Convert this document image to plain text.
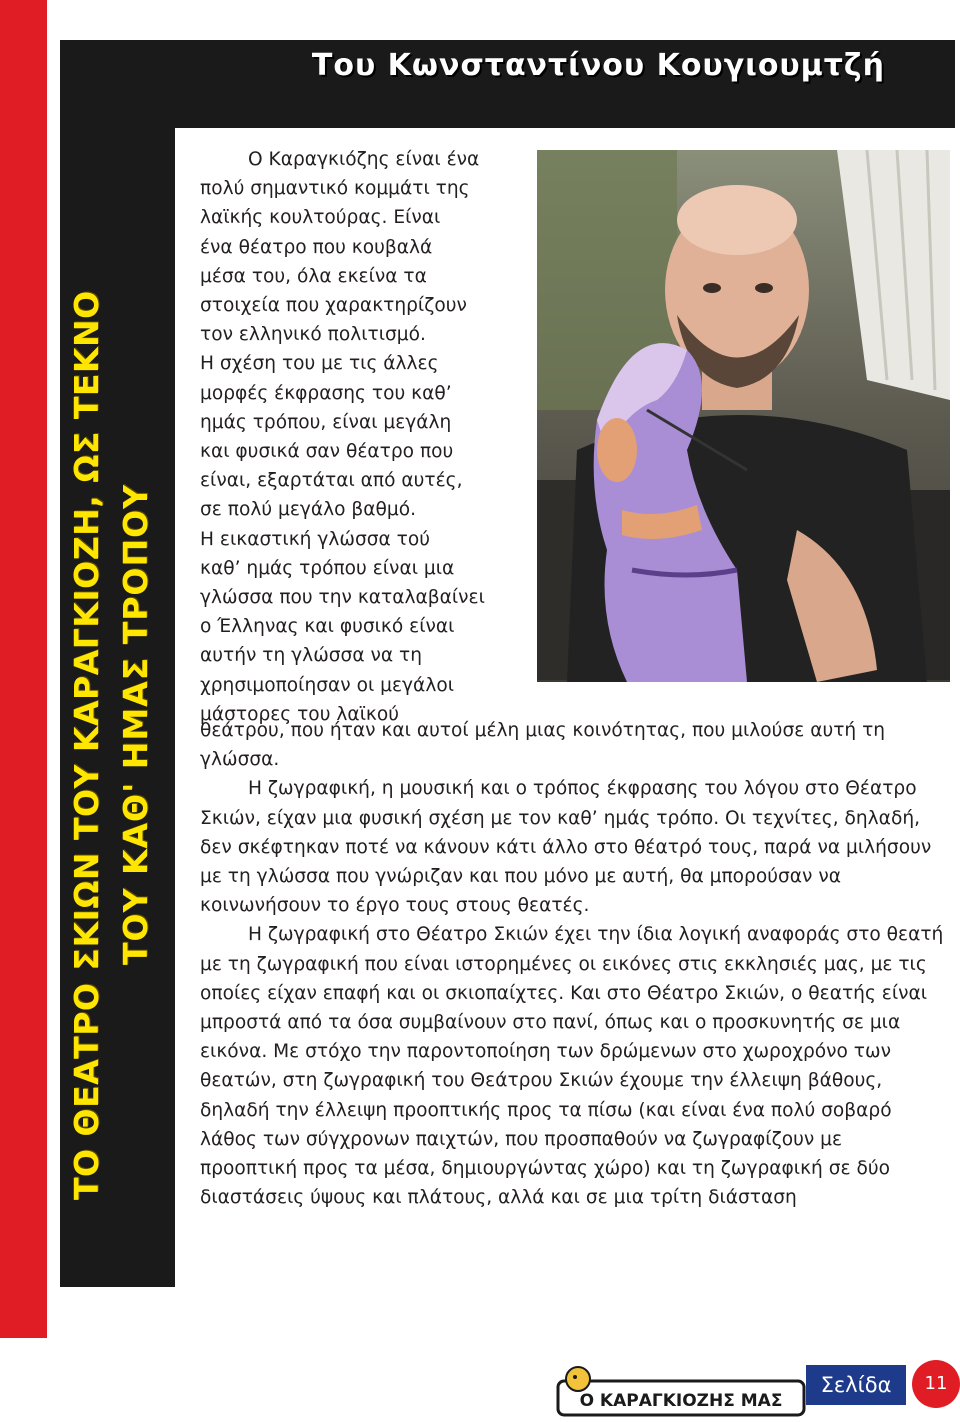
ΤΟ ΘΕΑΤΡΟ ΣΚΙΩΝ ΤΟΥ ΚΑΡΑΓΚΙΟΖΗ, ΩΣ ΤΕΚΝΟ ΤΟΥ ΚΑΘ' ΗΜΑΣ ΤΡΟΠΟΥ
Του Κωνσταντίνου Κουγιουμτζή
Ο Καραγκιόζης είναι ένα
πολύ σημαντικό κομμάτι της
λαϊκής κουλτούρας. Είναι
ένα θέατρο που κουβαλά
μέσα του, όλα εκείνα τα
στοιχεία που χαρακτηρίζουν
τον ελληνικό πολιτισμό.
Η σχέση του με τις άλλες
μορφές έκφρασης του καθ’
ημάς τρόπου, είναι μεγάλη
και φυσικά σαν θέατρο που
είναι, εξαρτάται από αυτές,
σε πολύ μεγάλο βαθμό.
Η εικαστική γλώσσα τού
καθ’ ημάς τρόπου είναι μια
γλώσσα που την καταλαβαίνει
ο Έλληνας και φυσικό είναι
αυτήν τη γλώσσα να τη
χρησιμοποίησαν οι μεγάλοι
μάστορες του λαϊκού

θεάτρου, που ήταν και αυτοί μέλη μιας κοινότητας, που μιλούσε αυτή τη γλώσσα.

Η ζωγραφική, η μουσική και ο τρόπος έκφρασης του λόγου στο Θέατρο Σκιών, είχαν μια φυσική σχέση με τον καθ’ ημάς τρόπο. Οι τεχνίτες, δηλαδή, δεν σκέφτηκαν ποτέ να κάνουν κάτι άλλο στο θέατρό τους, παρά να μιλήσουν με τη γλώσσα που γνώριζαν και που μόνο με αυτή, θα μπορούσαν να κοινωνήσουν το έργο τους στους θεατές.

Η ζωγραφική στο Θέατρο Σκιών έχει την ίδια λογική αναφοράς στο θεατή με τη ζωγραφική που είναι ιστορημένες οι εικόνες στις εκκλησιές μας, με τις οποίες είχαν επαφή και οι σκιοπαίχτες. Και στο Θέατρο Σκιών, ο θεατής είναι μπροστά από τα όσα συμβαίνουν στο πανί, όπως και ο προσκυνητής σε μια εικόνα. Με στόχο την παροντοποίηση των δρώμενων στο χωροχρόνο των θεατών, στη ζωγραφική του Θεάτρου Σκιών έχουμε την έλλειψη βάθους, δηλαδή την έλλειψη προοπτικής προς τα πίσω (και είναι ένα πολύ σοβαρό λάθος των σύγχρονων παιχτών, που προσπαθούν να ζωγραφίζουν με προοπτική προς τα μέσα, δημιουργώντας χώρο) και τη ζωγραφική σε δύο διαστάσεις ύψους και πλάτους, αλλά και σε μια τρίτη διάσταση

Ο ΚΑΡΑΓΚΙΟΖΗΣ ΜΑΣ
Σελίδα	11
